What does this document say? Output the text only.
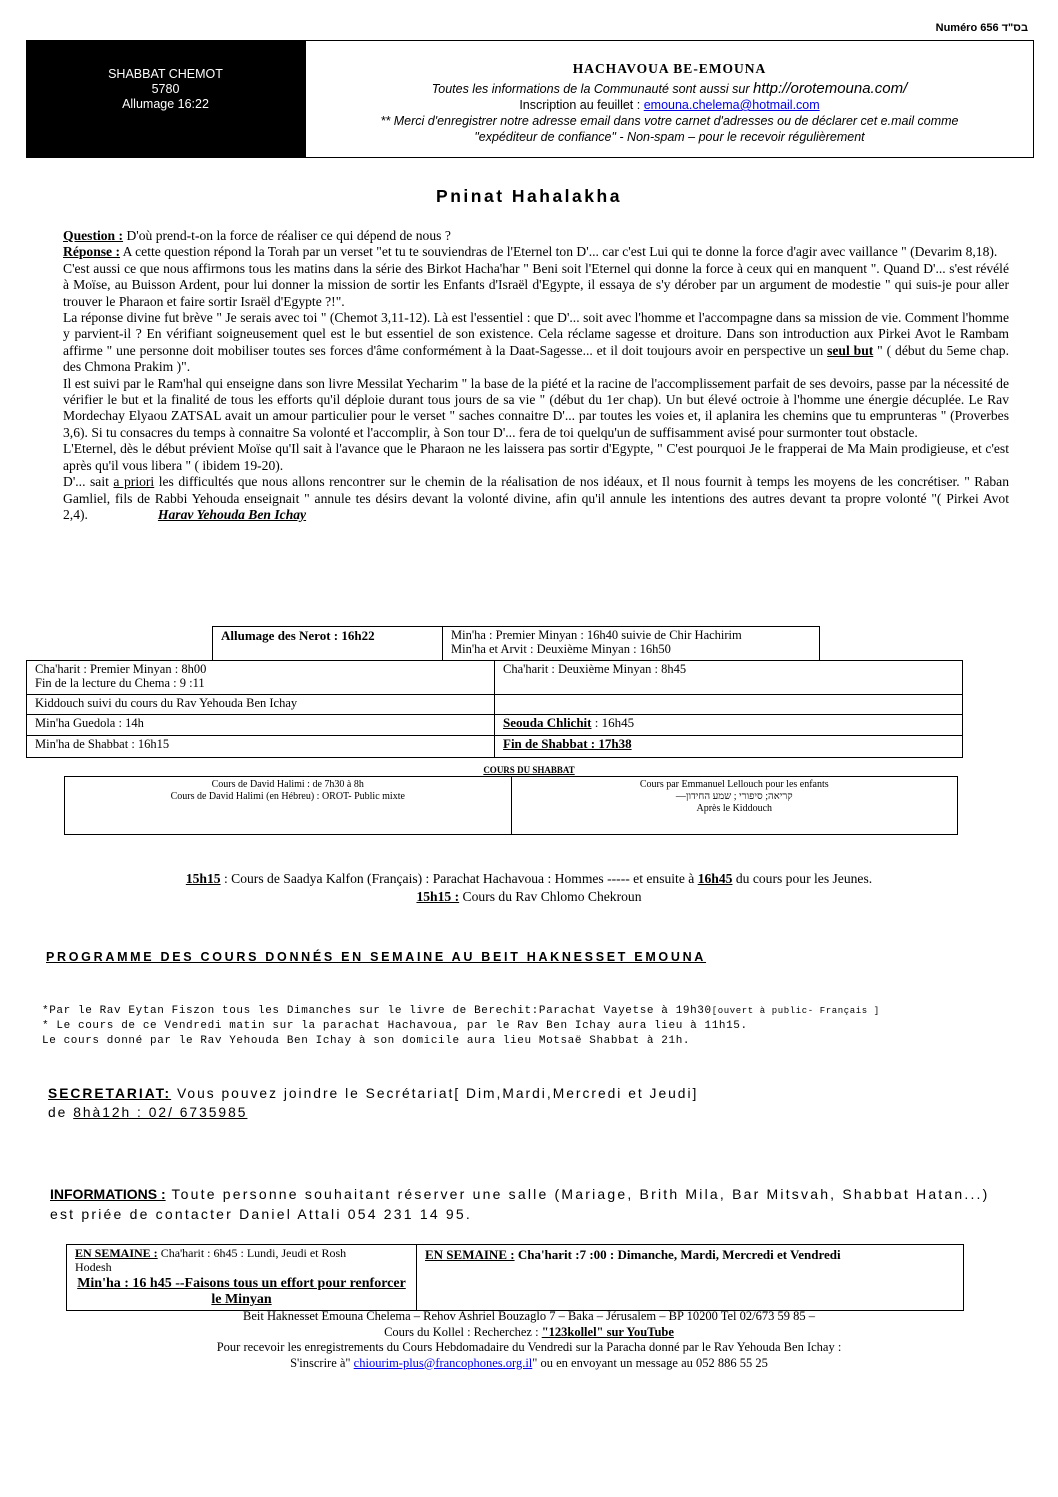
Numéro 656 בס"ד
SHABBAT CHEMOT
5780
Allumage 16:22
HACHAVOUA BE-EMOUNA
Toutes les informations de la Communauté sont aussi sur http://orotemouna.com/
Inscription au feuillet : emouna.chelema@hotmail.com
** Merci d'enregistrer notre adresse email dans votre carnet d'adresses ou de déclarer cet e.mail comme
"expéditeur de confiance" - Non-spam – pour le recevoir régulièrement
Pninat Hahalakha

Question : D'où prend-t-on la force de réaliser ce qui dépend de nous ?

Réponse : A cette question répond la Torah par un verset "et tu te souviendras de l'Eternel ton D'... car c'est Lui qui te donne la force d'agir avec vaillance " (Devarim 8,18).

C'est aussi ce que nous affirmons tous les matins dans la série des Birkot Hacha'har " Beni soit l'Eternel qui donne la force à ceux qui en manquent ". Quand D'... s'est révélé à Moïse, au Buisson Ardent, pour lui donner la mission de sortir les Enfants d'Israël d'Egypte, il essaya de s'y dérober par un argument de modestie " qui suis-je pour aller trouver le Pharaon et faire sortir Israël d'Egypte ?!".

La réponse divine fut brève " Je serais avec toi " (Chemot 3,11-12). Là est l'essentiel : que D'... soit avec l'homme et l'accompagne dans sa mission de vie. Comment l'homme y parvient-il ? En vérifiant soigneusement quel est le but essentiel de son existence. Cela réclame sagesse et droiture. Dans son introduction aux Pirkei Avot le Rambam affirme " une personne doit mobiliser toutes ses forces d'âme conformément à la Daat-Sagesse... et il doit toujours avoir en perspective un seul but " ( début du 5eme chap. des Chmona Prakim )".

Il est suivi par le Ram'hal qui enseigne dans son livre Messilat Yecharim " la base de la piété et la racine de l'accomplissement parfait de ses devoirs, passe par la nécessité de vérifier le but et la finalité de tous les efforts qu'il déploie durant tous jours de sa vie " (début du 1er chap). Un but élevé octroie à l'homme une énergie décuplée. Le Rav Mordechay Elyaou ZATSAL avait un amour particulier pour le verset " saches connaitre D'... par toutes les voies et, il aplanira les chemins que tu emprunteras " (Proverbes 3,6). Si tu consacres du temps à connaitre Sa volonté et l'accomplir, à Son tour D'... fera de toi quelqu'un de suffisamment avisé pour surmonter tout obstacle.

L'Eternel, dès le début prévient Moïse qu'Il sait à l'avance que le Pharaon ne les laissera pas sortir d'Egypte, " C'est pourquoi Je le frapperai de Ma Main prodigieuse, et c'est après qu'il vous libera " ( ibidem 19-20).

D'... sait a priori les difficultés que nous allons rencontrer sur le chemin de la réalisation de nos idéaux, et Il nous fournit à temps les moyens de les concrétiser. " Raban Gamliel, fils de Rabbi Yehouda enseignait " annule tes désirs devant la volonté divine, afin qu'il annule les intentions des autres devant ta propre volonté "( Pirkei Avot 2,4).	Harav Yehouda Ben Ichay

Allumage des Nerot : 16h22	Min'ha : Premier Minyan : 16h40 suivie de Chir Hachirim
Min'ha et Arvit : Deuxième Minyan : 16h50
Cha'harit : Premier Minyan : 8h00
Fin de la lecture du Chema : 9 :11	Cha'harit : Deuxième Minyan : 8h45
Kiddouch suivi du cours du Rav Yehouda Ben Ichay	
Min'ha Guedola : 14h	Seouda Chlichit : 16h45
Min'ha de Shabbat : 16h15	Fin de Shabbat : 17h38
COURS DU SHABBAT
Cours de David Halimi : de 7h30 à 8h
Cours de David Halimi (en Hébreu) : OROT- Public mixte

Cours par Emmanuel Lellouch pour les enfants
—קריאה; סיפורי ; שמע החידון
Après le Kiddouch
15h15 : Cours de Saadya Kalfon (Français) : Parachat Hachavoua : Hommes ----- et ensuite à 16h45 du cours pour les Jeunes.
15h15 : Cours du Rav Chlomo Chekroun
PROGRAMME DES COURS DONNÉS EN SEMAINE AU BEIT HAKNESSET EMOUNA
*Par le Rav Eytan Fiszon tous les Dimanches sur le livre de Berechit:Parachat Vayetse à 19h30[ouvert à public- Français ]
* Le cours de ce Vendredi matin sur la parachat Hachavoua, par le Rav Ben Ichay aura lieu à 11h15.
Le cours donné par le Rav Yehouda Ben Ichay à son domicile aura lieu Motsaë Shabbat à 21h.
SECRETARIAT: Vous pouvez joindre le Secrétariat[ Dim,Mardi,Mercredi et Jeudi]
de 8hà12h : 02/ 6735985
INFORMATIONS : Toute personne souhaitant réserver une salle (Mariage, Brith Mila, Bar Mitsvah, Shabbat Hatan...) est priée de contacter Daniel Attali 054 231 14 95.
EN SEMAINE : Cha'harit : 6h45 : Lundi, Jeudi et Rosh Hodesh
Min'ha : 16 h45 --Faisons tous un effort pour renforcer le Minyan
	EN SEMAINE : Cha'harit :7 :00 : Dimanche, Mardi, Mercredi et Vendredi
Beit Haknesset Emouna Chelema – Rehov Ashriel Bouzaglo 7 – Baka – Jérusalem – BP 10200 Tel 02/673 59 85 –
Cours du Kollel : Recherchez : "123kollel" sur YouTube
Pour recevoir les enregistrements du Cours Hebdomadaire du Vendredi sur la Paracha donné par le Rav Yehouda Ben Ichay :
S'inscrire à" chiourim-plus@francophones.org.il" ou en envoyant un message au 052 886 55 25
